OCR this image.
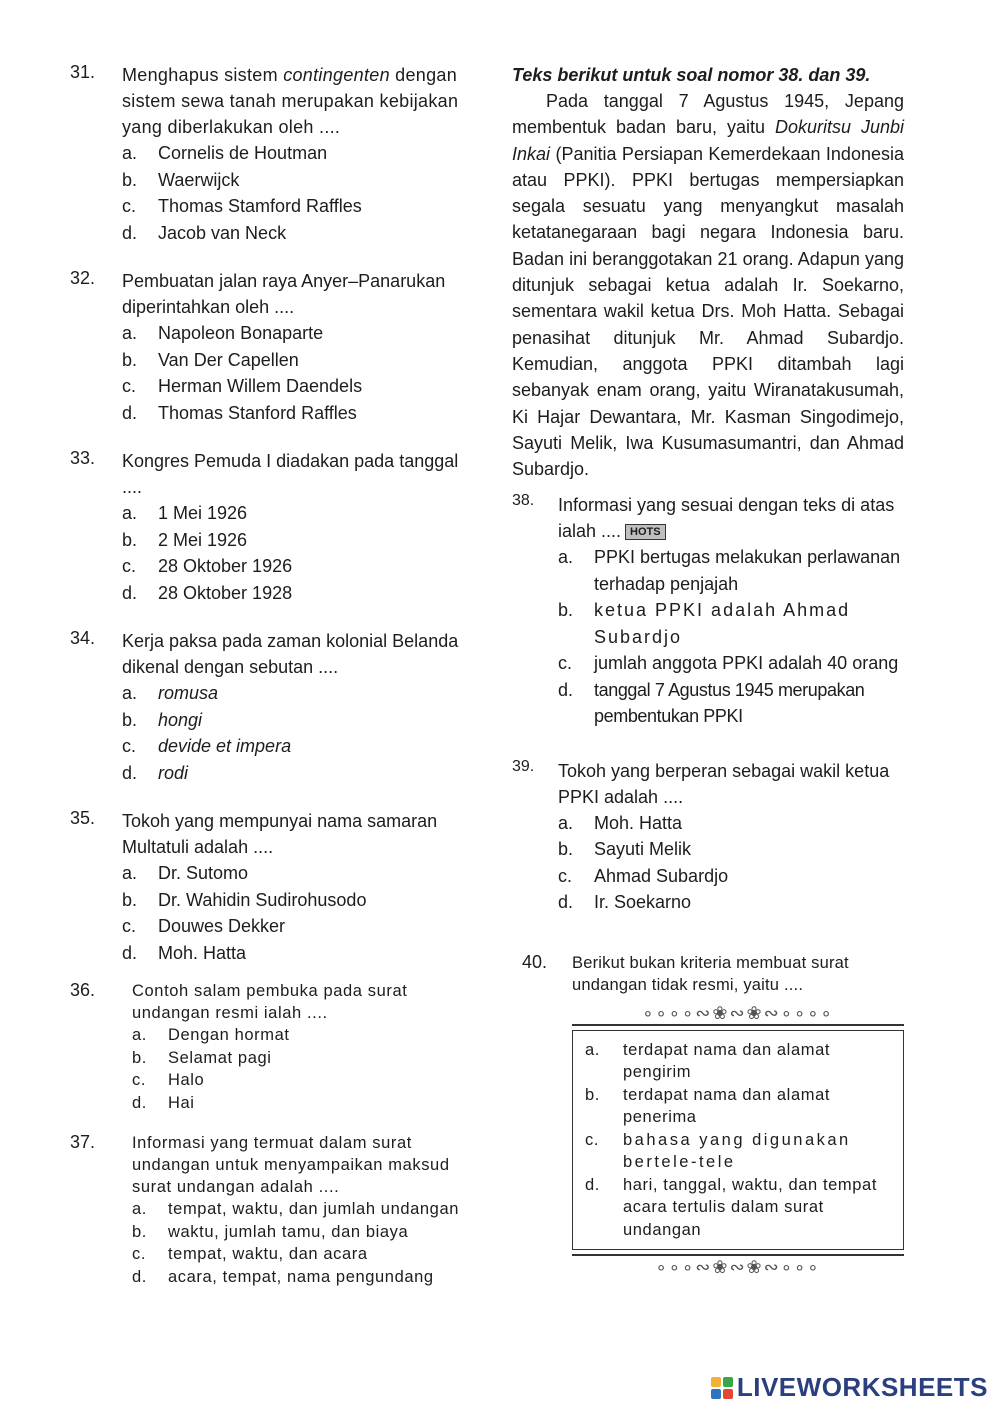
31. Menghapus sistem contingenten dengan sistem sewa tanah merupakan kebijakan yang diberlakukan oleh ....
a.	Cornelis de Houtman
b.	Waerwijck
c.	Thomas Stamford Raffles
d.	Jacob van Neck
32. Pembuatan jalan raya Anyer–Panarukan diperintahkan oleh ....
a.	Napoleon Bonaparte
b.	Van Der Capellen
c.	Herman Willem Daendels
d.	Thomas Stanford Raffles
33. Kongres Pemuda I diadakan pada tanggal ....
a.	1 Mei 1926
b.	2 Mei 1926
c.	28 Oktober 1926
d.	28 Oktober 1928
34. Kerja paksa pada zaman kolonial Belanda dikenal dengan sebutan ....
a.	romusa
b.	hongi
c.	devide et impera
d.	rodi
35. Tokoh yang mempunyai nama samaran Multatuli adalah ....
a.	Dr. Sutomo
b.	Dr. Wahidin Sudirohusodo
c.	Douwes Dekker
d.	Moh. Hatta
36. Contoh salam pembuka pada surat undangan resmi ialah ....
a.	Dengan hormat
b.	Selamat pagi
c.	Halo
d.	Hai
37. Informasi yang termuat dalam surat undangan untuk menyampaikan maksud surat undangan adalah ....
a.	tempat, waktu, dan jumlah undangan
b.	waktu, jumlah tamu, dan biaya
c.	tempat, waktu, dan acara
d.	acara, tempat, nama pengundang
Teks berikut untuk soal nomor 38. dan 39.
Pada tanggal 7 Agustus 1945, Jepang membentuk badan baru, yaitu Dokuritsu Junbi Inkai (Panitia Persiapan Kemerdekaan Indonesia atau PPKI). PPKI bertugas mempersiapkan segala sesuatu yang menyangkut masalah ketatanegaraan bagi negara Indonesia baru. Badan ini beranggotakan 21 orang. Adapun yang ditunjuk sebagai ketua adalah Ir. Soekarno, sementara wakil ketua Drs. Moh Hatta. Sebagai penasihat ditunjuk Mr. Ahmad Subardjo. Kemudian, anggota PPKI ditambah lagi sebanyak enam orang, yaitu Wiranatakusumah, Ki Hajar Dewantara, Mr. Kasman Singodimejo, Sayuti Melik, Iwa Kusumasumantri, dan Ahmad Subardjo.
38. Informasi yang sesuai dengan teks di atas ialah .... HOTS
a.	PPKI bertugas melakukan perlawanan terhadap penjajah
b.	ketua PPKI adalah Ahmad Subardjo
c.	jumlah anggota PPKI adalah 40 orang
d.	tanggal 7 Agustus 1945 merupakan pembentukan PPKI
39. Tokoh yang berperan sebagai wakil ketua PPKI adalah ....
a.	Moh. Hatta
b.	Sayuti Melik
c.	Ahmad Subardjo
d.	Ir. Soekarno
40. Berikut bukan kriteria membuat surat undangan tidak resmi, yaitu ....
∘∘∘∘∾❀∾❀∾∘∘∘∘
a.	terdapat nama dan alamat pengirim
b.	terdapat nama dan alamat penerima
c.	bahasa yang digunakan bertele-tele
d.	hari, tanggal, waktu, dan tempat acara tertulis dalam surat undangan
∘∘∘∾❀∾❀∾∘∘∘
LIVEWORKSHEETS
